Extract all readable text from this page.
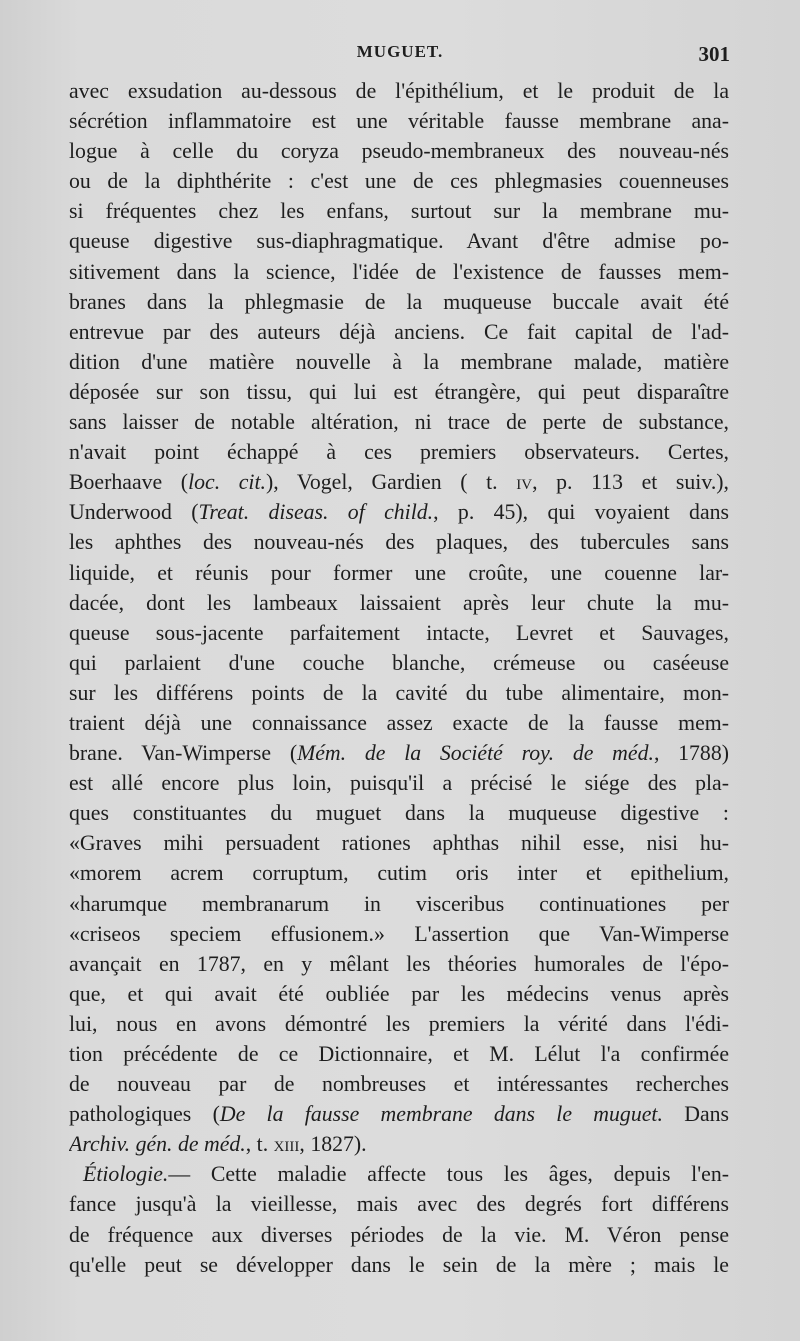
MUGUET.	301
avec exsudation au-dessous de l'épithélium, et le produit de la
sécrétion inflammatoire est une véritable fausse membrane ana-
logue à celle du coryza pseudo-membraneux des nouveau-nés
ou de la diphthérite : c'est une de ces phlegmasies couenneuses
si fréquentes chez les enfans, surtout sur la membrane mu-
queuse digestive sus-diaphragmatique. Avant d'être admise po-
sitivement dans la science, l'idée de l'existence de fausses mem-
branes dans la phlegmasie de la muqueuse buccale avait été
entrevue par des auteurs déjà anciens. Ce fait capital de l'ad-
dition d'une matière nouvelle à la membrane malade, matière
déposée sur son tissu, qui lui est étrangère, qui peut disparaître
sans laisser de notable altération, ni trace de perte de substance,
n'avait point échappé à ces premiers observateurs. Certes,
Boerhaave (loc. cit.), Vogel, Gardien ( t. iv, p. 113 et suiv.),
Underwood (Treat. diseas. of child., p. 45), qui voyaient dans
les aphthes des nouveau-nés des plaques, des tubercules sans
liquide, et réunis pour former une croûte, une couenne lar-
dacée, dont les lambeaux laissaient après leur chute la mu-
queuse sous-jacente parfaitement intacte, Levret et Sauvages,
qui parlaient d'une couche blanche, crémeuse ou caséeuse
sur les différens points de la cavité du tube alimentaire, mon-
traient déjà une connaissance assez exacte de la fausse mem-
brane. Van-Wimperse (Mém. de la Société roy. de méd., 1788)
est allé encore plus loin, puisqu'il a précisé le siége des pla-
ques constituantes du muguet dans la muqueuse digestive :
«Graves mihi persuadent rationes aphthas nihil esse, nisi hu-
«morem acrem corruptum, cutim oris inter et epithelium,
«harumque membranarum in visceribus continuationes per
«criseos speciem effusionem.» L'assertion que Van-Wimperse
avançait en 1787, en y mêlant les théories humorales de l'épo-
que, et qui avait été oubliée par les médecins venus après
lui, nous en avons démontré les premiers la vérité dans l'édi-
tion précédente de ce Dictionnaire, et M. Lélut l'a confirmée
de nouveau par de nombreuses et intéressantes recherches
pathologiques (De la fausse membrane dans le muguet. Dans
Archiv. gén. de méd., t. xiii, 1827).
Étiologie.— Cette maladie affecte tous les âges, depuis l'en-
fance jusqu'à la vieillesse, mais avec des degrés fort différens
de fréquence aux diverses périodes de la vie. M. Véron pense
qu'elle peut se développer dans le sein de la mère ; mais le
